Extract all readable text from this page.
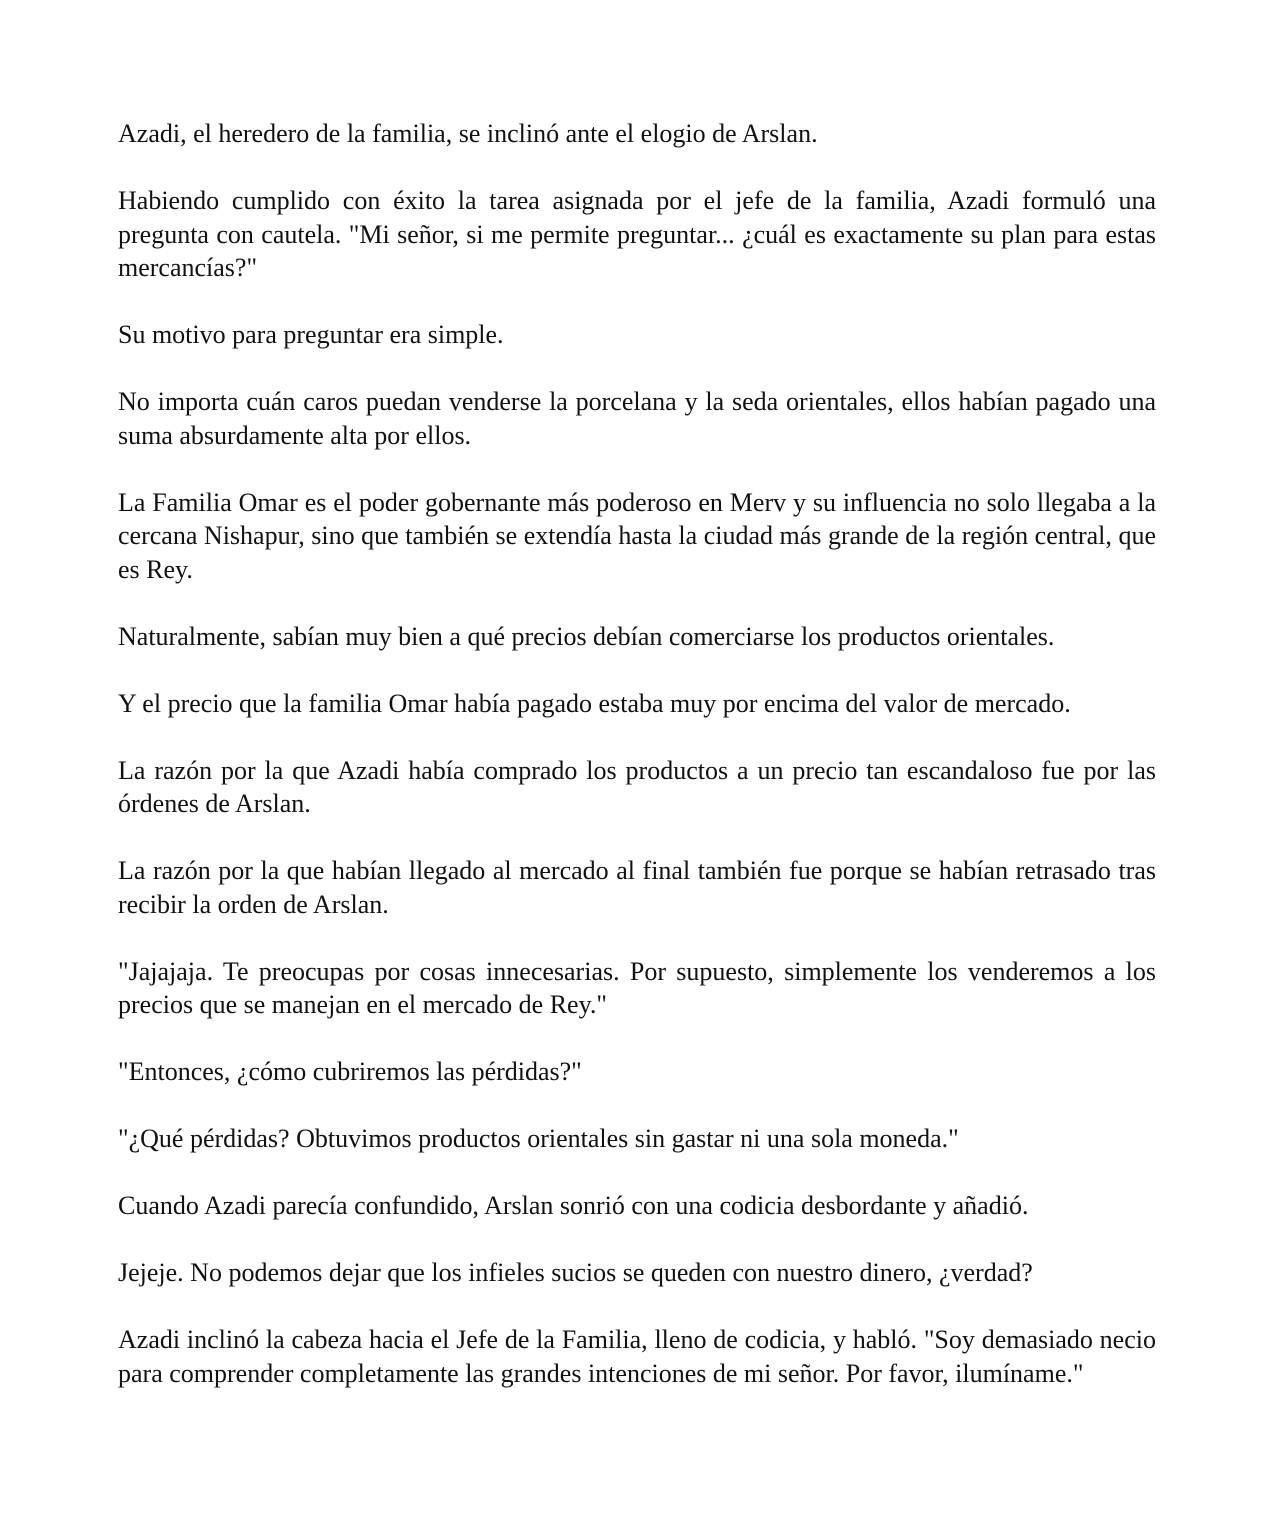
Azadi, el heredero de la familia, se inclinó ante el elogio de Arslan.

Habiendo cumplido con éxito la tarea asignada por el jefe de la familia, Azadi formuló una pregunta con cautela. "Mi señor, si me permite preguntar... ¿cuál es exactamente su plan para estas mercancías?"

Su motivo para preguntar era simple.

No importa cuán caros puedan venderse la porcelana y la seda orientales, ellos habían pagado una suma absurdamente alta por ellos.

La Familia Omar es el poder gobernante más poderoso en Merv y su influencia no solo llegaba a la cercana Nishapur, sino que también se extendía hasta la ciudad más grande de la región central, que es Rey.

Naturalmente, sabían muy bien a qué precios debían comerciarse los productos orientales.

Y el precio que la familia Omar había pagado estaba muy por encima del valor de mercado.

La razón por la que Azadi había comprado los productos a un precio tan escandaloso fue por las órdenes de Arslan.

La razón por la que habían llegado al mercado al final también fue porque se habían retrasado tras recibir la orden de Arslan.

"Jajajaja. Te preocupas por cosas innecesarias. Por supuesto, simplemente los venderemos a los precios que se manejan en el mercado de Rey."

"Entonces, ¿cómo cubriremos las pérdidas?"

"¿Qué pérdidas? Obtuvimos productos orientales sin gastar ni una sola moneda."

Cuando Azadi parecía confundido, Arslan sonrió con una codicia desbordante y añadió.

Jejeje. No podemos dejar que los infieles sucios se queden con nuestro dinero, ¿verdad?

Azadi inclinó la cabeza hacia el Jefe de la Familia, lleno de codicia, y habló. "Soy demasiado necio para comprender completamente las grandes intenciones de mi señor. Por favor, ilumíname."
